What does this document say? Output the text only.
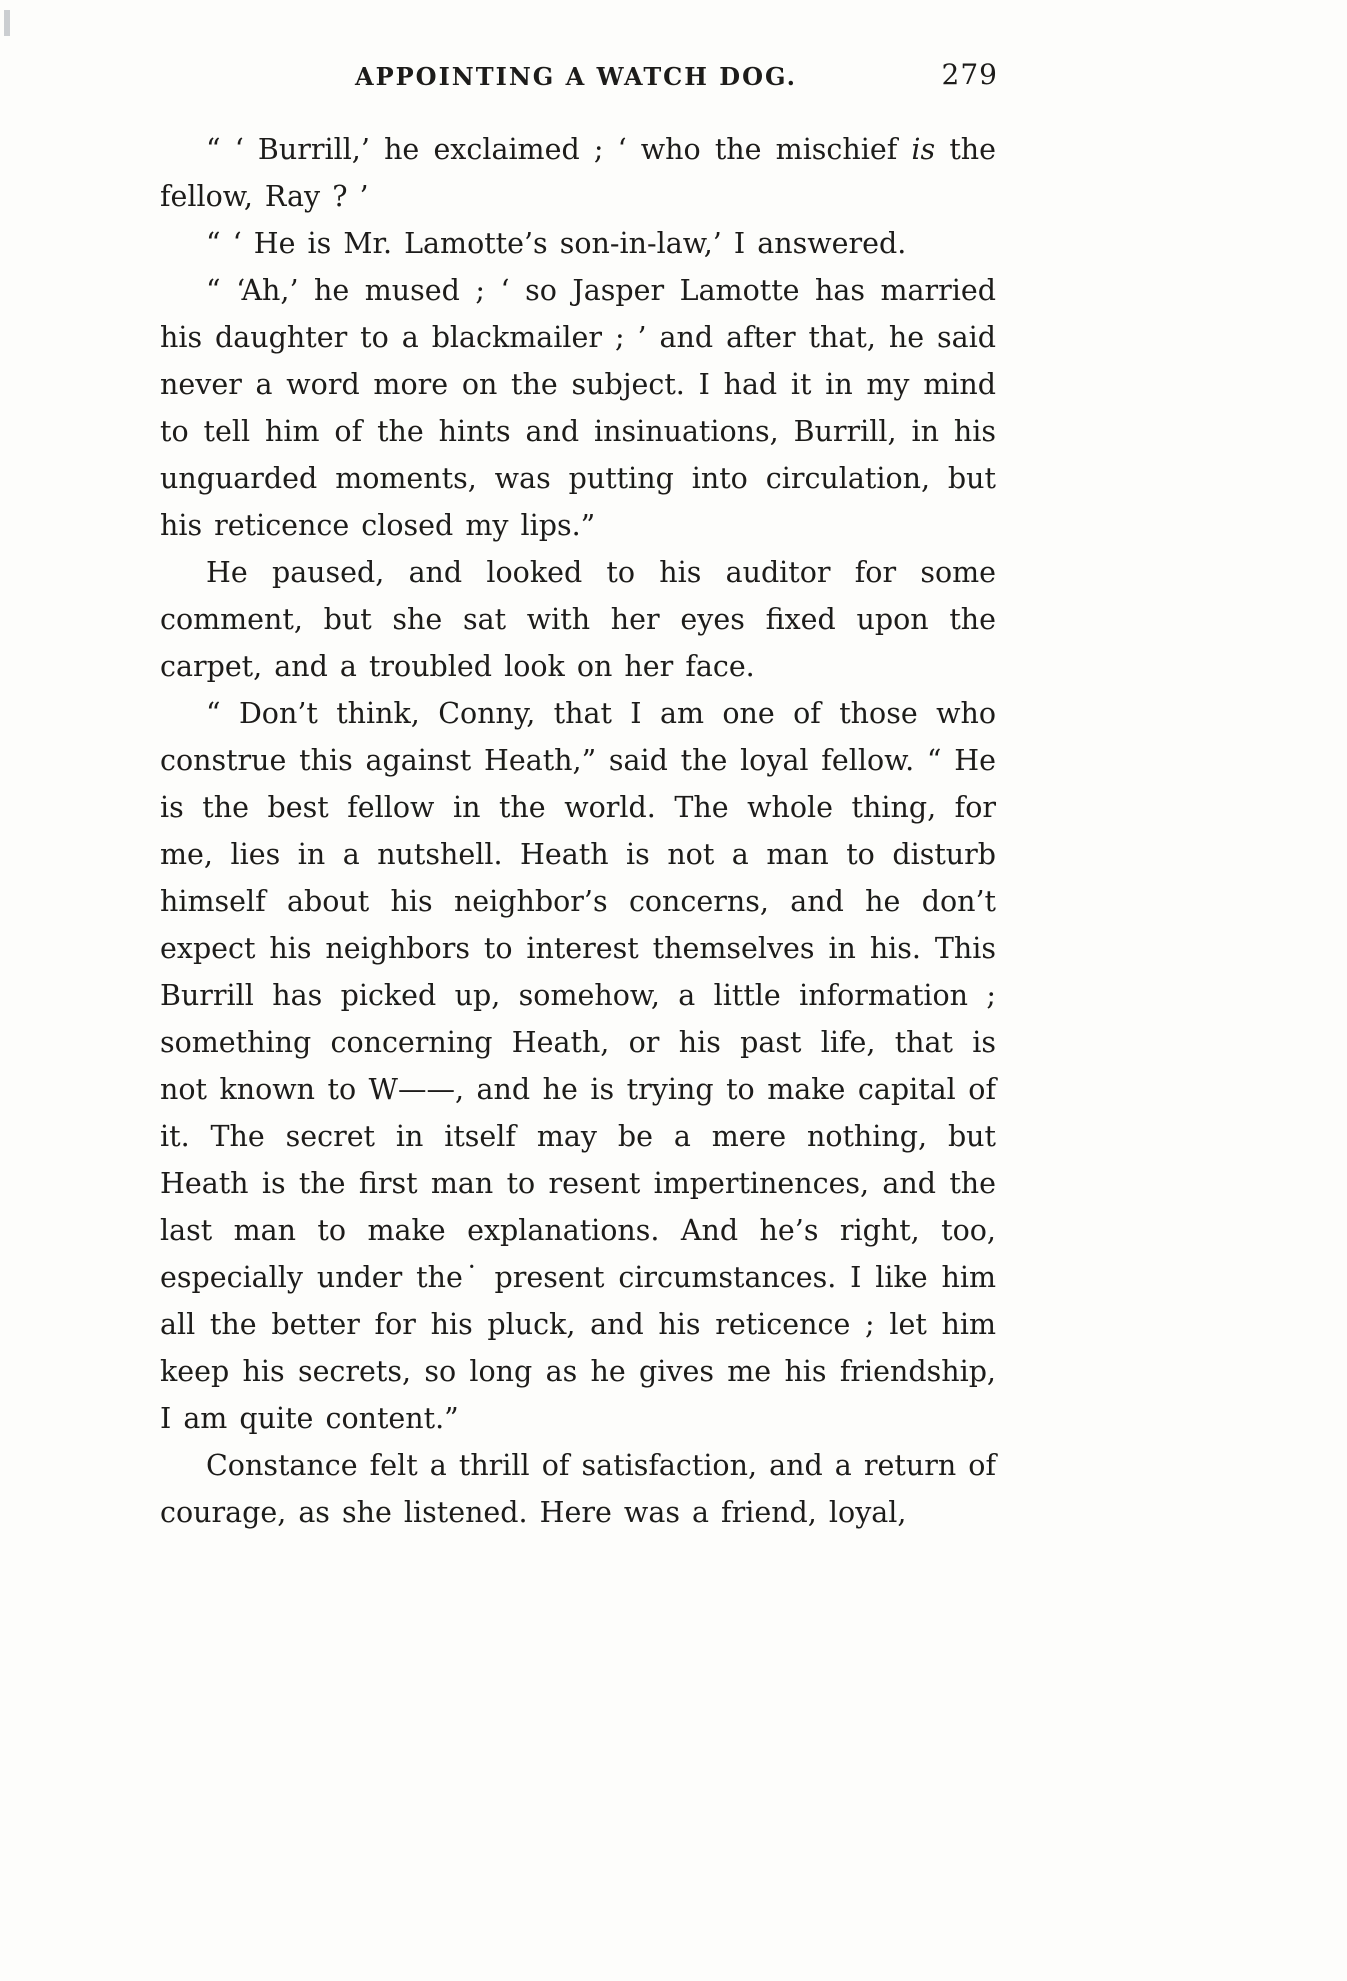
APPOINTING A WATCH DOG.	279

“ ‘ Burrill,’ he exclaimed ; ‘ who the mischief is the fellow, Ray ? ’

“ ‘ He is Mr. Lamotte’s son-in-law,’ I answered.

“ ‘Ah,’ he mused ; ‘ so Jasper Lamotte has married his daughter to a blackmailer ; ’ and after that, he said never a word more on the subject. I had it in my mind to tell him of the hints and insinuations, Burrill, in his unguarded moments, was putting into circulation, but his reticence closed my lips.”

He paused, and looked to his auditor for some comment, but she sat with her eyes fixed upon the carpet, and a troubled look on her face.

“ Don’t think, Conny, that I am one of those who construe this against Heath,” said the loyal fellow. “ He is the best fellow in the world. The whole thing, for me, lies in a nutshell. Heath is not a man to disturb himself about his neighbor’s concerns, and he don’t expect his neighbors to interest themselves in his. This Burrill has picked up, somehow, a little information ; something concerning Heath, or his past life, that is not known to W——, and he is trying to make capital of it. The secret in itself may be a mere nothing, but Heath is the first man to resent impertinences, and the last man to make explanations. And he’s right, too, especially under the˙ present circumstances. I like him all the better for his pluck, and his reticence ; let him keep his secrets, so long as he gives me his friendship, I am quite content.”

Constance felt a thrill of satisfaction, and a return of courage, as she listened. Here was a friend, loyal,
